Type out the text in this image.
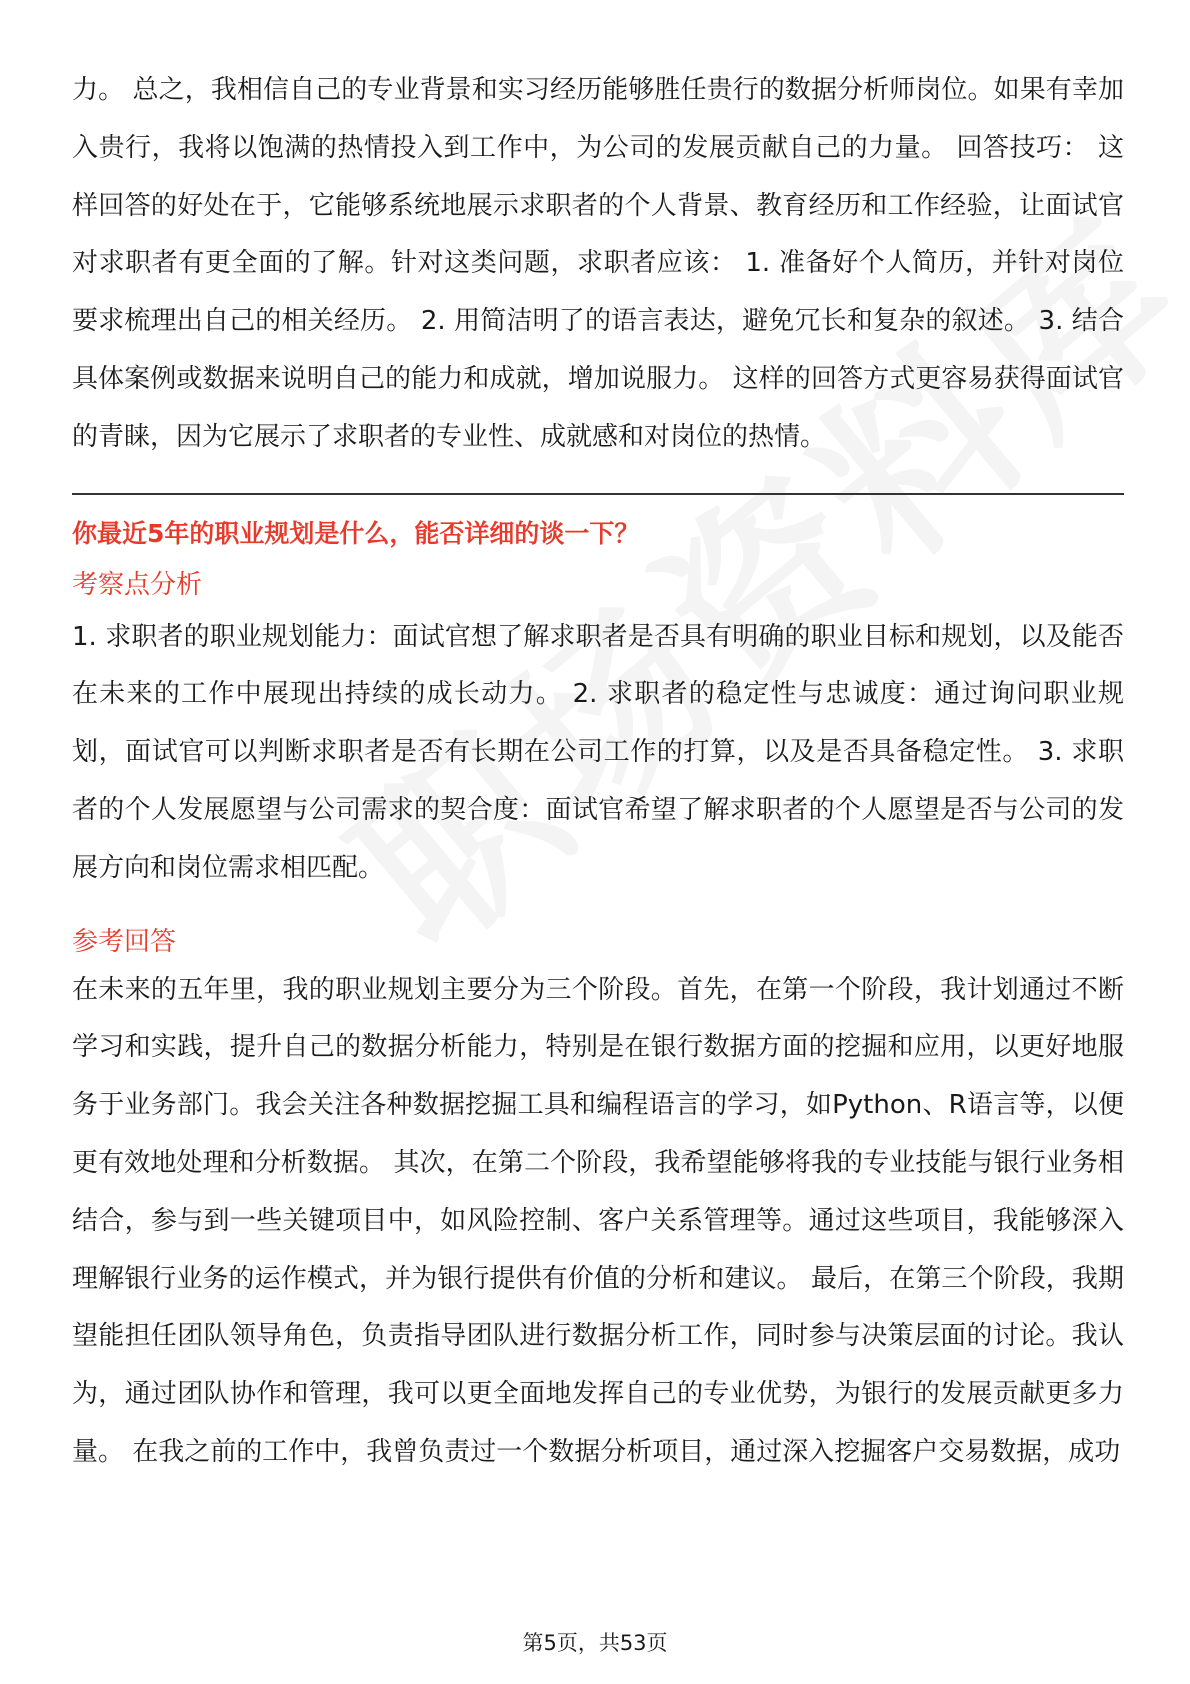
力。 总之，我相信自己的专业背景和实习经历能够胜任贵行的数据分析师岗位。如果有幸加入贵行，我将以饱满的热情投入到工作中，为公司的发展贡献自己的力量。 回答技巧： 这样回答的好处在于，它能够系统地展示求职者的个人背景、教育经历和工作经验，让面试官对求职者有更全面的了解。针对这类问题，求职者应该： 1. 准备好个人简历，并针对岗位要求梳理出自己的相关经历。 2. 用简洁明了的语言表达，避免冗长和复杂的叙述。 3. 结合具体案例或数据来说明自己的能力和成就，增加说服力。 这样的回答方式更容易获得面试官的青睐，因为它展示了求职者的专业性、成就感和对岗位的热情。

你最近5年的职业规划是什么，能否详细的谈一下？
考察点分析

1. 求职者的职业规划能力：面试官想了解求职者是否具有明确的职业目标和规划，以及能否在未来的工作中展现出持续的成长动力。 2. 求职者的稳定性与忠诚度：通过询问职业规划，面试官可以判断求职者是否有长期在公司工作的打算，以及是否具备稳定性。 3. 求职者的个人发展愿望与公司需求的契合度：面试官希望了解求职者的个人愿望是否与公司的发展方向和岗位需求相匹配。

参考回答

在未来的五年里，我的职业规划主要分为三个阶段。首先，在第一个阶段，我计划通过不断学习和实践，提升自己的数据分析能力，特别是在银行数据方面的挖掘和应用，以更好地服务于业务部门。我会关注各种数据挖掘工具和编程语言的学习，如Python、R语言等，以便更有效地处理和分析数据。 其次，在第二个阶段，我希望能够将我的专业技能与银行业务相结合，参与到一些关键项目中，如风险控制、客户关系管理等。通过这些项目，我能够深入理解银行业务的运作模式，并为银行提供有价值的分析和建议。 最后，在第三个阶段，我期望能担任团队领导角色，负责指导团队进行数据分析工作，同时参与决策层面的讨论。我认为，通过团队协作和管理，我可以更全面地发挥自己的专业优势，为银行的发展贡献更多力量。 在我之前的工作中，我曾负责过一个数据分析项目，通过深入挖掘客户交易数据，成功

第5页，共53页
